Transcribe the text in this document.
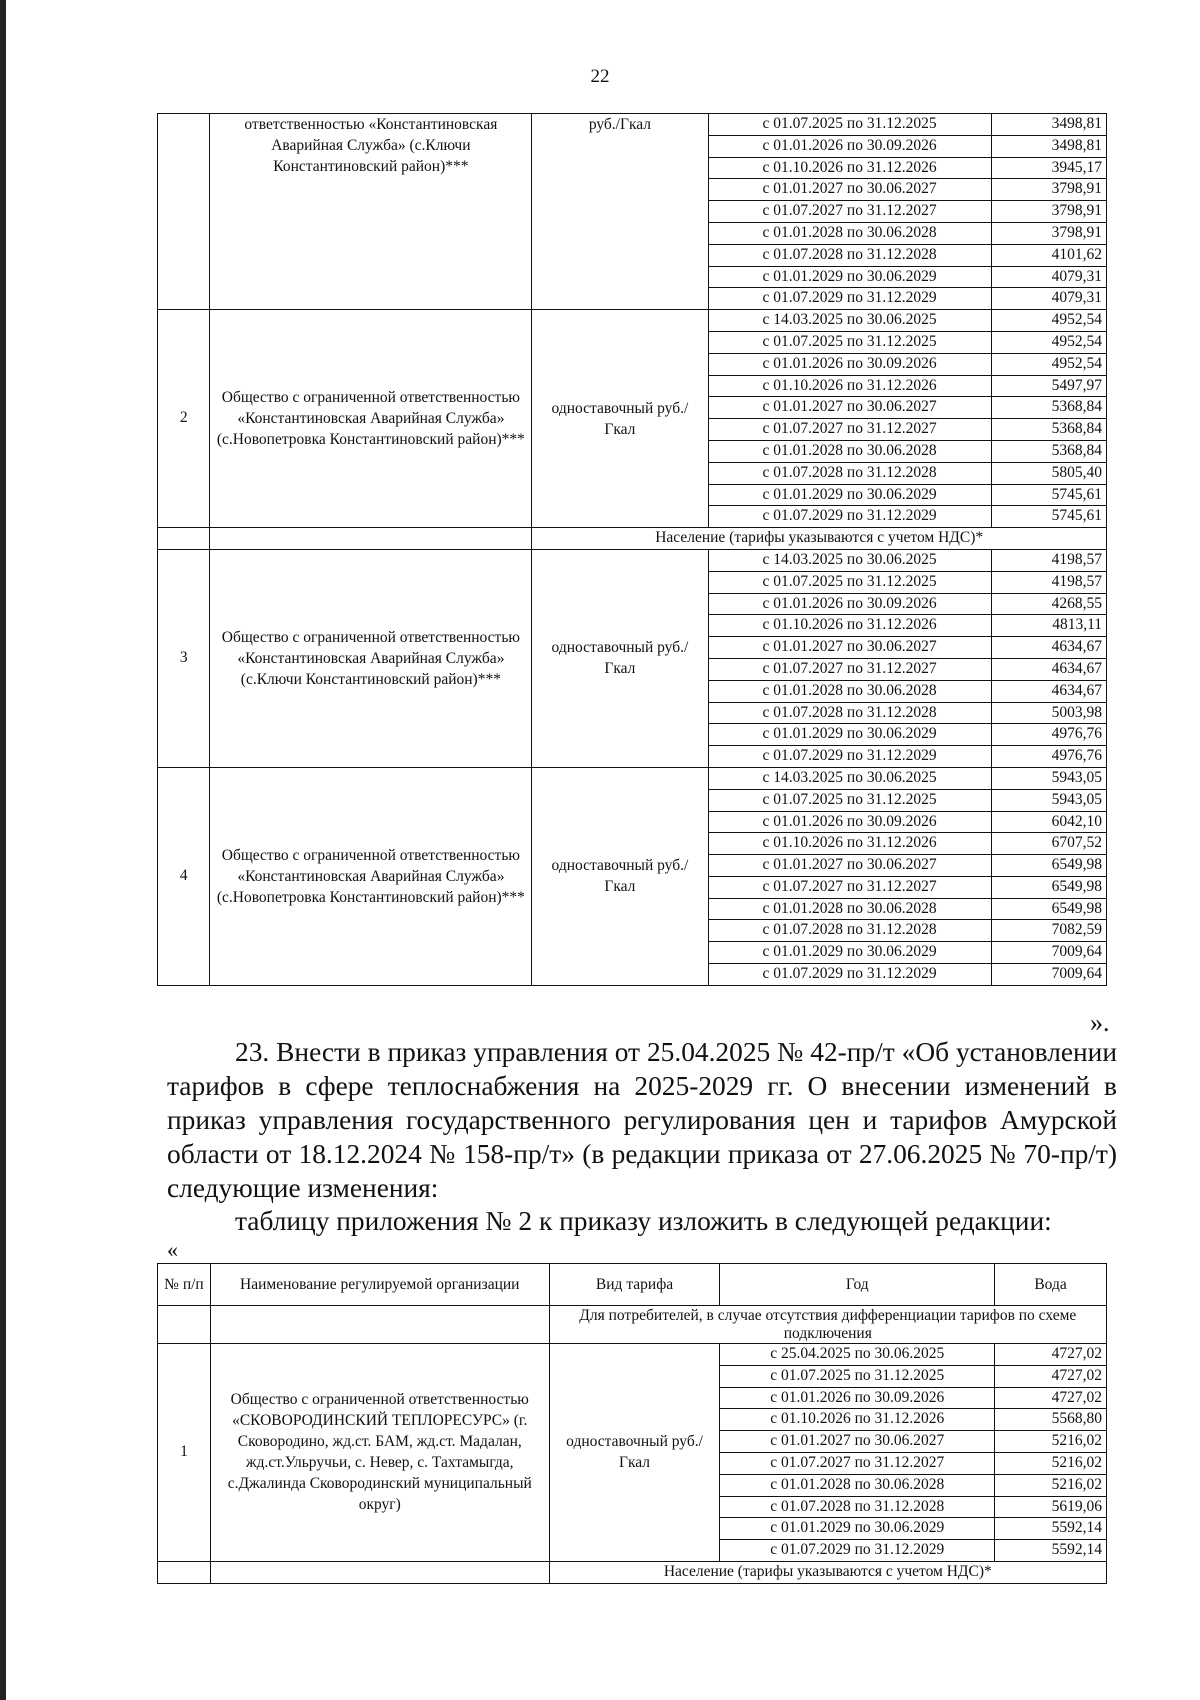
22
	ответственностью «Константиновская Аварийная Служба» (с.Ключи Константиновский район)***	руб./Гкал	с 01.07.2025 по 31.12.2025	3498,81
			с 01.01.2026 по 30.09.2026	3498,81
			с 01.10.2026 по 31.12.2026	3945,17
			с 01.01.2027 по 30.06.2027	3798,91
			с 01.07.2027 по 31.12.2027	3798,91
			с 01.01.2028 по 30.06.2028	3798,91
			с 01.07.2028 по 31.12.2028	4101,62
			с 01.01.2029 по 30.06.2029	4079,31
			с 01.07.2029 по 31.12.2029	4079,31
2	Общество с ограниченной ответственностью «Константиновская Аварийная Служба» (с.Новопетровка Константиновский район)***	одноставочный руб./Гкал	с 14.03.2025 по 30.06.2025	4952,54
			с 01.07.2025 по 31.12.2025	4952,54
			с 01.01.2026 по 30.09.2026	4952,54
			с 01.10.2026 по 31.12.2026	5497,97
			с 01.01.2027 по 30.06.2027	5368,84
			с 01.07.2027 по 31.12.2027	5368,84
			с 01.01.2028 по 30.06.2028	5368,84
			с 01.07.2028 по 31.12.2028	5805,40
			с 01.01.2029 по 30.06.2029	5745,61
			с 01.07.2029 по 31.12.2029	5745,61
		Население (тарифы указываются с учетом НДС)*		
3	Общество с ограниченной ответственностью «Константиновская Аварийная Служба» (с.Ключи Константиновский район)***	одноставочный руб./Гкал	с 14.03.2025 по 30.06.2025	4198,57
			с 01.07.2025 по 31.12.2025	4198,57
			с 01.01.2026 по 30.09.2026	4268,55
			с 01.10.2026 по 31.12.2026	4813,11
			с 01.01.2027 по 30.06.2027	4634,67
			с 01.07.2027 по 31.12.2027	4634,67
			с 01.01.2028 по 30.06.2028	4634,67
			с 01.07.2028 по 31.12.2028	5003,98
			с 01.01.2029 по 30.06.2029	4976,76
			с 01.07.2029 по 31.12.2029	4976,76
4	Общество с ограниченной ответственностью «Константиновская Аварийная Служба» (с.Новопетровка Константиновский район)***	одноставочный руб./Гкал	с 14.03.2025 по 30.06.2025	5943,05
			с 01.07.2025 по 31.12.2025	5943,05
			с 01.01.2026 по 30.09.2026	6042,10
			с 01.10.2026 по 31.12.2026	6707,52
			с 01.01.2027 по 30.06.2027	6549,98
			с 01.07.2027 по 31.12.2027	6549,98
			с 01.01.2028 по 30.06.2028	6549,98
			с 01.07.2028 по 31.12.2028	7082,59
			с 01.01.2029 по 30.06.2029	7009,64
			с 01.07.2029 по 31.12.2029	7009,64
».

23. Внести в приказ управления от 25.04.2025 № 42-пр/т «Об установлении тарифов в сфере теплоснабжения на 2025-2029 гг. О внесении изменений в приказ управления государственного регулирования цен и тарифов Амурской области от 18.12.2024 № 158-пр/т» (в редакции приказа от 27.06.2025 № 70-пр/т) следующие изменения:

таблицу приложения № 2 к приказу изложить в следующей редакции:

«
№ п/п	Наименование регулируемой организации	Вид тарифа	Год	Вода
		Для потребителей, в случае отсутствия дифференциации тарифов по схеме подключения		
1	Общество с ограниченной ответственностью «СКОВОРОДИНСКИЙ ТЕПЛОРЕСУРС» (г. Сковородино, жд.ст. БАМ, жд.ст. Мадалан, жд.ст.Ульручьи, с. Невер, с. Тахтамыгда, с.Джалинда Сковородинский муниципальный округ)	одноставочный руб./Гкал	с 25.04.2025 по 30.06.2025	4727,02
			с 01.07.2025 по 31.12.2025	4727,02
			с 01.01.2026 по 30.09.2026	4727,02
			с 01.10.2026 по 31.12.2026	5568,80
			с 01.01.2027 по 30.06.2027	5216,02
			с 01.07.2027 по 31.12.2027	5216,02
			с 01.01.2028 по 30.06.2028	5216,02
			с 01.07.2028 по 31.12.2028	5619,06
			с 01.01.2029 по 30.06.2029	5592,14
			с 01.07.2029 по 31.12.2029	5592,14
		Население (тарифы указываются с учетом НДС)*		
